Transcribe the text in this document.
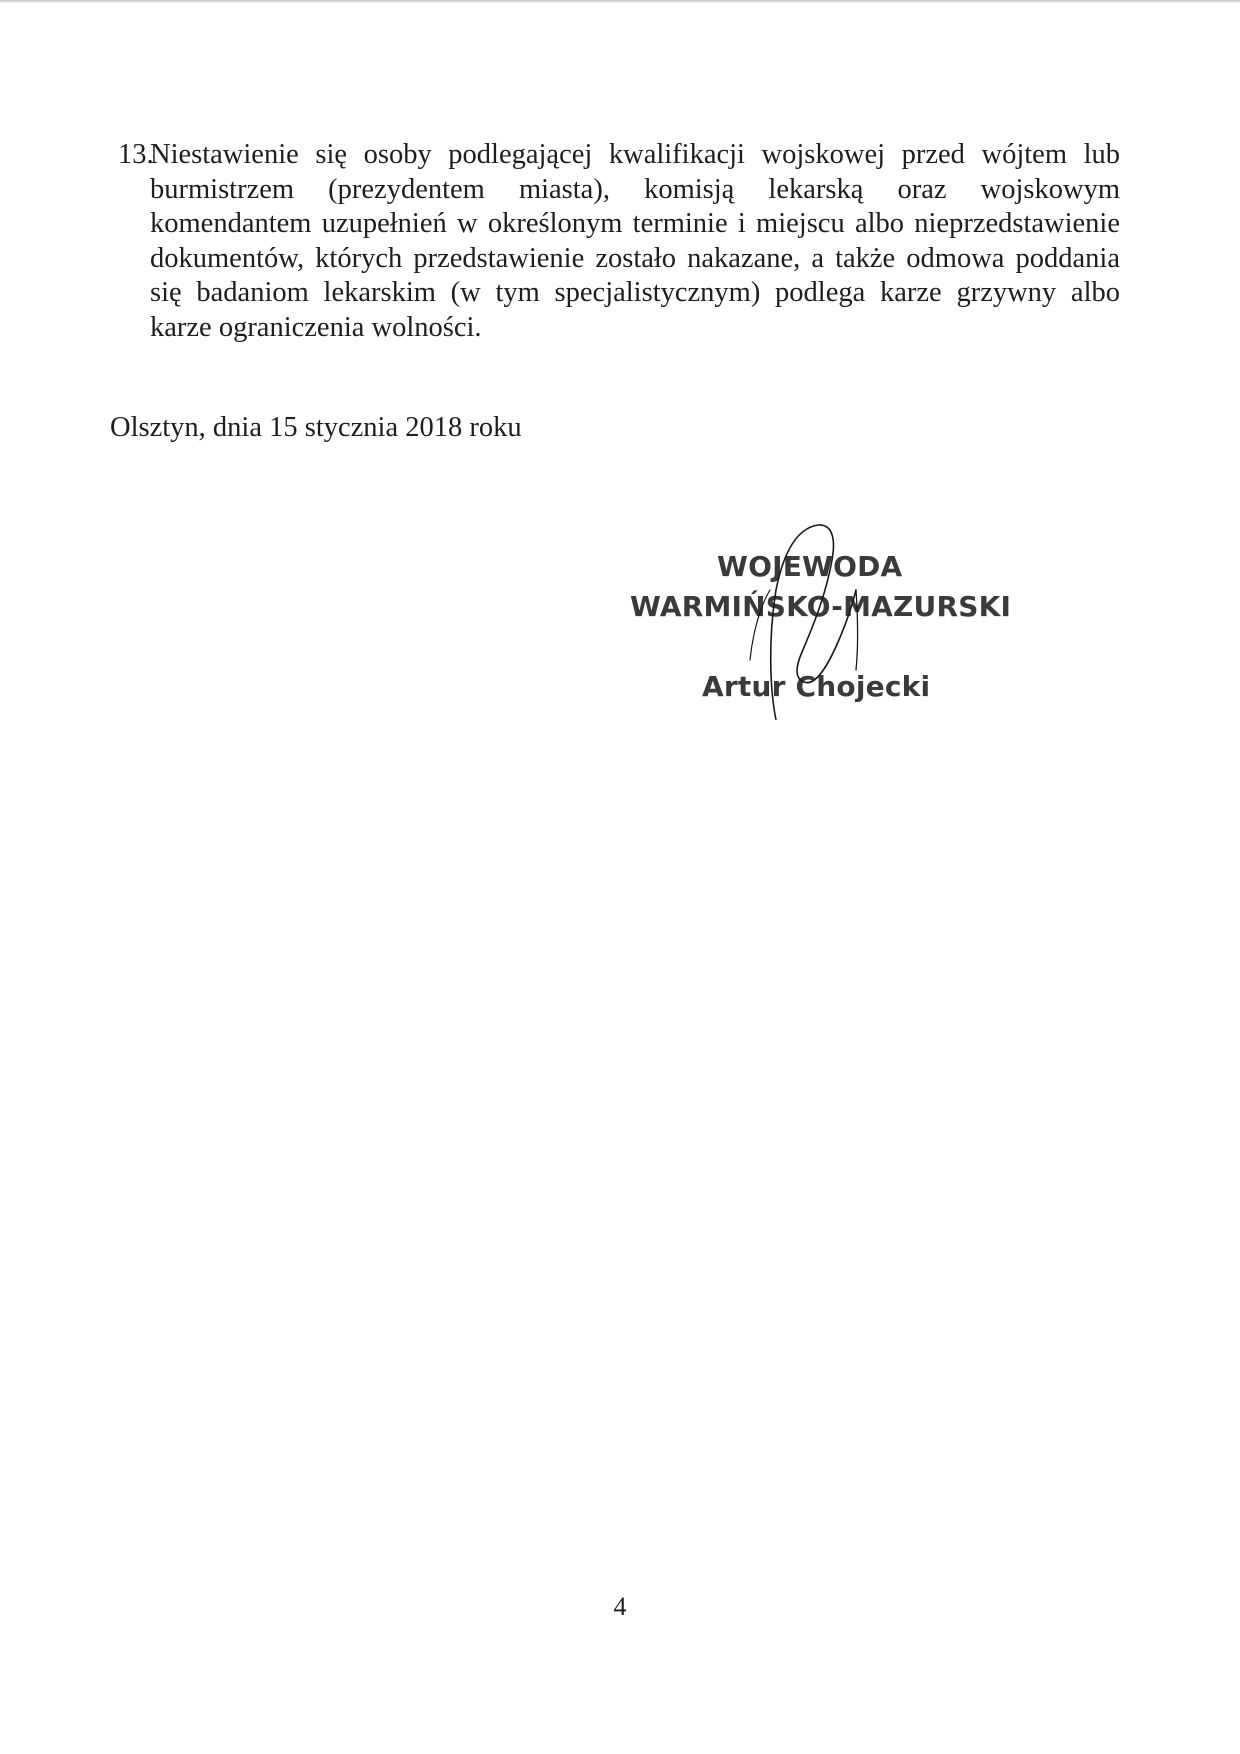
13.
Niestawienie się osoby podlegającej kwalifikacji wojskowej przed wójtem lub burmistrzem (prezydentem miasta), komisją lekarską oraz wojskowym komendantem uzupełnień w określonym terminie i miejscu albo nieprzedstawienie dokumentów, których przedstawienie zostało nakazane, a także odmowa poddania się badaniom lekarskim (w tym specjalistycznym) podlega karze grzywny albo karze ograniczenia wolności.
Olsztyn, dnia 15 stycznia 2018 roku
WOJEWODA
WARMIŃSKO-MAZURSKI
Artur Chojecki
4
